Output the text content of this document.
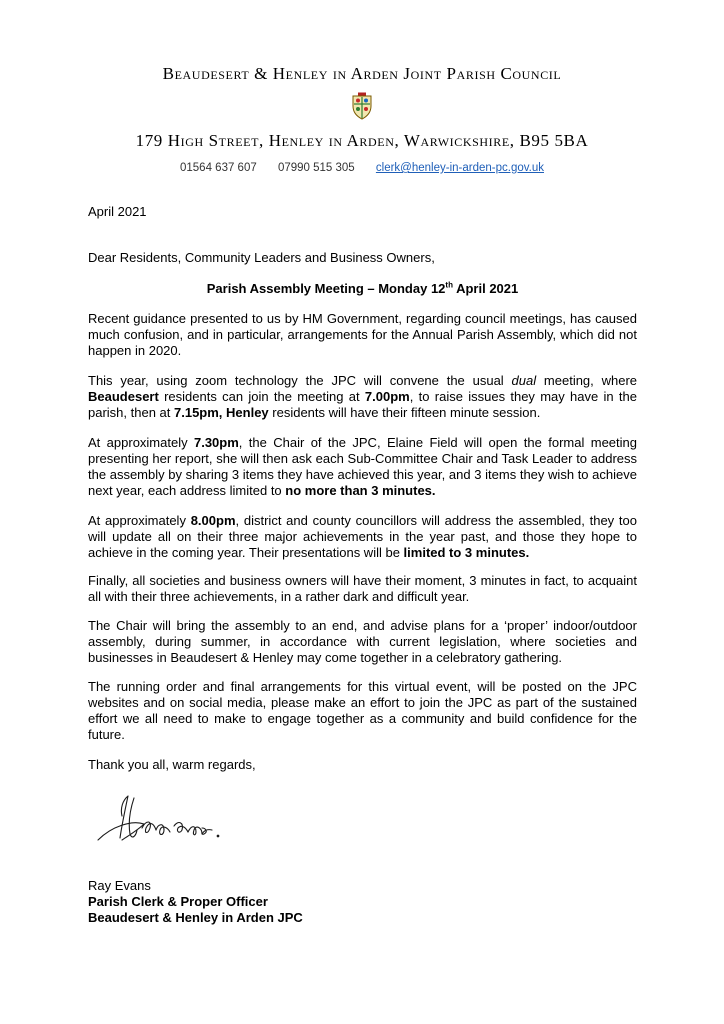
Beaudesert & Henley in Arden Joint Parish Council
179 High Street, Henley in Arden, Warwickshire, B95 5BA
01564 637 607 07990 515 305 clerk@henley-in-arden-pc.gov.uk
April 2021
Dear Residents, Community Leaders and Business Owners,
Parish Assembly Meeting – Monday 12th April 2021
Recent guidance presented to us by HM Government, regarding council meetings, has caused much confusion, and in particular, arrangements for the Annual Parish Assembly, which did not happen in 2020.
This year, using zoom technology the JPC will convene the usual dual meeting, where Beaudesert residents can join the meeting at 7.00pm, to raise issues they may have in the parish, then at 7.15pm, Henley residents will have their fifteen minute session.
At approximately 7.30pm, the Chair of the JPC, Elaine Field will open the formal meeting presenting her report, she will then ask each Sub-Committee Chair and Task Leader to address the assembly by sharing 3 items they have achieved this year, and 3 items they wish to achieve next year, each address limited to no more than 3 minutes.
At approximately 8.00pm, district and county councillors will address the assembled, they too will update all on their three major achievements in the year past, and those they hope to achieve in the coming year. Their presentations will be limited to 3 minutes.
Finally, all societies and business owners will have their moment, 3 minutes in fact, to acquaint all with their three achievements, in a rather dark and difficult year.
The Chair will bring the assembly to an end, and advise plans for a ‘proper’ indoor/outdoor assembly, during summer, in accordance with current legislation, where societies and businesses in Beaudesert & Henley may come together in a celebratory gathering.
The running order and final arrangements for this virtual event, will be posted on the JPC websites and on social media, please make an effort to join the JPC as part of the sustained effort we all need to make to engage together as a community and build confidence for the future.
Thank you all, warm regards,
Ray Evans
Parish Clerk & Proper Officer
Beaudesert & Henley in Arden JPC
